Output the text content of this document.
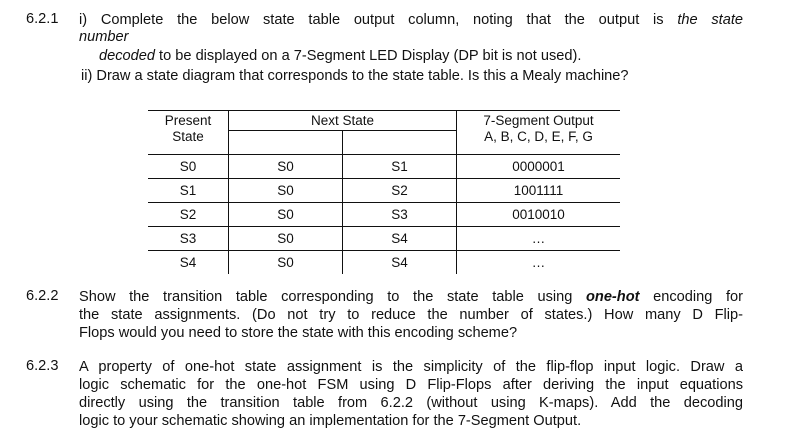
6.2.1 i) Complete the below state table output column, noting that the output is the state
number
decoded to be displayed on a 7-Segment LED Display (DP bit is not used).
ii) Draw a state diagram that corresponds to the state table. Is this a Mealy machine?
Present
State	Next State		7-Segment Output
A, B, C, D, E, F, G

S0	S0	S1	0000001
S1	S0	S2	1001111
S2	S0	S3	0010010
S3	S0	S4	…
S4	S0	S4	…
6.2.2 Show the transition table corresponding to the state table using one-hot encoding for
the state assignments. (Do not try to reduce the number of states.) How many D Flip-
Flops would you need to store the state with this encoding scheme?
6.2.3 A property of one-hot state assignment is the simplicity of the flip-flop input logic. Draw a
logic schematic for the one-hot FSM using D Flip-Flops after deriving the input equations
directly using the transition table from 6.2.2 (without using K-maps). Add the decoding
logic to your schematic showing an implementation for the 7-Segment Output.
